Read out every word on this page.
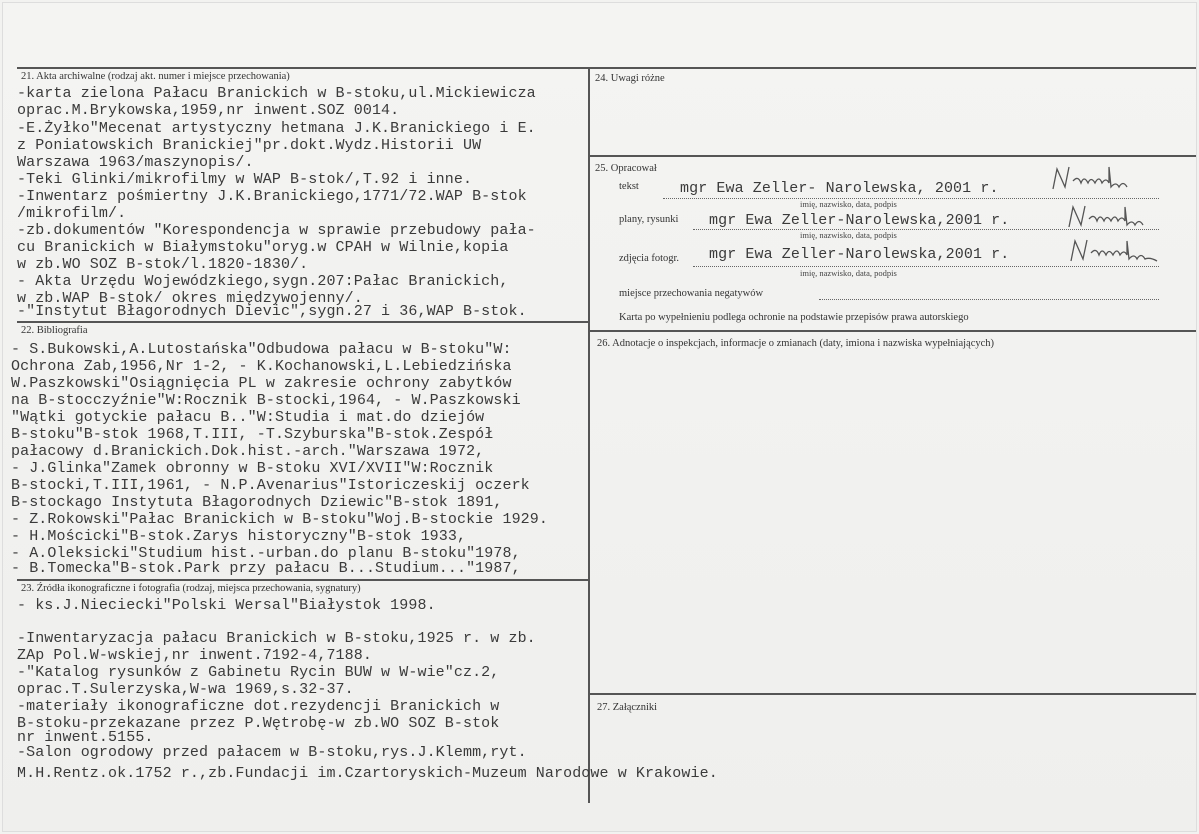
21. Akta archiwalne (rodzaj akt. numer i miejsce przechowania)
-karta zielona Pałacu Branickich w B-stoku,ul.Mickiewicza
oprac.M.Brykowska,1959,nr inwent.SOZ 0014.
-E.Żyłko"Mecenat artystyczny hetmana J.K.Branickiego i E.
z Poniatowskich Branickiej"pr.dokt.Wydz.Historii UW
Warszawa 1963/maszynopis/.
-Teki Glinki/mikrofilmy w WAP B-stok/,T.92 i inne.
-Inwentarz pośmiertny J.K.Branickiego,1771/72.WAP B-stok
/mikrofilm/.
-zb.dokumentów "Korespondencja w sprawie przebudowy pała-
cu Branickich w Białymstoku"oryg.w CPAH w Wilnie,kopia
w zb.WO SOZ B-stok/l.1820-1830/.
- Akta Urzędu Wojewódzkiego,sygn.207:Pałac Branickich,
w zb.WAP B-stok/ okres międzywojenny/.
-"Instytut Błagorodnych Dievic",sygn.27 i 36,WAP B-stok.
22. Bibliografia
- S.Bukowski,A.Lutostańska"Odbudowa pałacu w B-stoku"W:
Ochrona Zab,1956,Nr 1-2, - K.Kochanowski,L.Lebiedzińska
W.Paszkowski"Osiągnięcia PL w zakresie ochrony zabytków
na B-stocczyźnie"W:Rocznik B-stocki,1964, - W.Paszkowski
"Wątki gotyckie pałacu B.."W:Studia i mat.do dziejów
B-stoku"B-stok 1968,T.III, -T.Szyburska"B-stok.Zespół
pałacowy d.Branickich.Dok.hist.-arch."Warszawa 1972,
- J.Glinka"Zamek obronny w B-stoku XVI/XVII"W:Rocznik
B-stocki,T.III,1961, - N.P.Avenarius"Istoriczeskij oczerk
B-stockago Instytuta Błagorodnych Dziewic"B-stok 1891,
- Z.Rokowski"Pałac Branickich w B-stoku"Woj.B-stockie 1929.
- H.Mościcki"B-stok.Zarys historyczny"B-stok 1933,
- A.Oleksicki"Studium hist.-urban.do planu B-stoku"1978,
- B.Tomecka"B-stok.Park przy pałacu B...Studium..."1987,
23. Źródła ikonograficzne i fotografia (rodzaj, miejsca przechowania, sygnatury)
- ks.J.Nieciecki"Polski Wersal"Białystok 1998.
-Inwentaryzacja pałacu Branickich w B-stoku,1925 r. w zb.
ZAp Pol.W-wskiej,nr inwent.7192-4,7188.
-"Katalog rysunków z Gabinetu Rycin BUW w W-wie"cz.2,
oprac.T.Sulerzyska,W-wa 1969,s.32-37.
-materiały ikonograficzne dot.rezydencji Branickich w
B-stoku-przekazane przez P.Wętrobę-w zb.WO SOZ B-stok
nr inwent.5155.
-Salon ogrodowy przed pałacem w B-stoku,rys.J.Klemm,ryt.
M.H.Rentz.ok.1752 r.,zb.Fundacji im.Czartoryskich-Muzeum Narodowe w Krakowie.
24. Uwagi różne
25. Opracował
tekst	mgr Ewa Zeller- Narolewska, 2001 r.
imię, nazwisko, data, podpis
plany, rysunki mgr Ewa Zeller-Narolewska,2001 r.
imię, nazwisko, data, podpis
zdjęcia fotogr. mgr Ewa Zeller-Narolewska,2001 r.
imię, nazwisko, data, podpis
miejsce przechowania negatywów
Karta po wypełnieniu podlega ochronie na podstawie przepisów prawa autorskiego
26. Adnotacje o inspekcjach, informacje o zmianach (daty, imiona i nazwiska wypełniających)
27. Załączniki
